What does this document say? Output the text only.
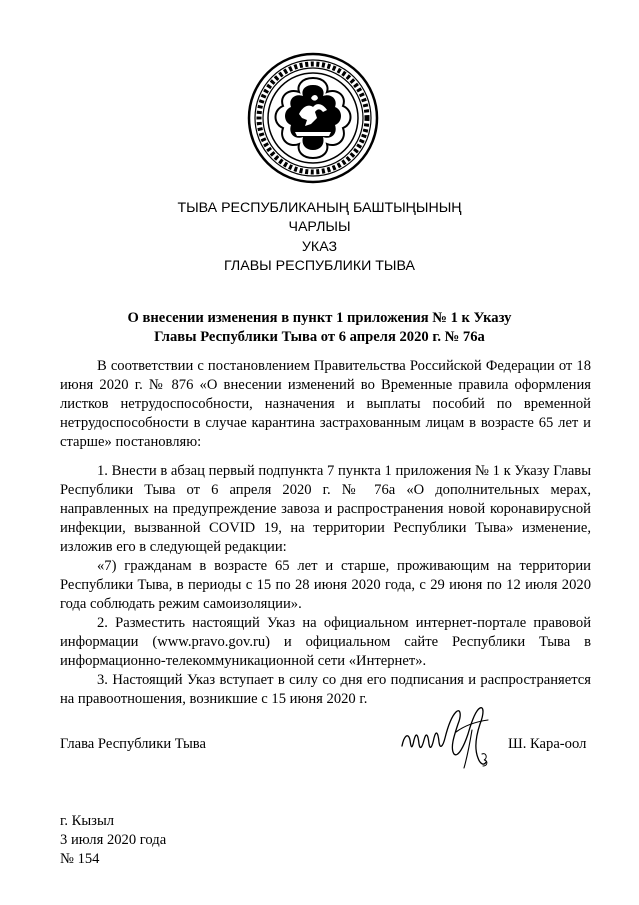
ТЫВА РЕСПУБЛИКАНЫҢ БАШТЫҢЫНЫҢ
ЧАРЛЫЫ
УКАЗ
ГЛАВЫ РЕСПУБЛИКИ ТЫВА
О внесении изменения в пункт 1 приложения № 1 к Указу
Главы Республики Тыва от 6 апреля 2020 г. № 76а

В соответствии с постановлением Правительства Российской Федерации от 18 июня 2020 г. № 876 «О внесении изменений во Временные правила оформления листков нетрудоспособности, назначения и выплаты пособий по временной нетрудоспособности в случае карантина застрахованным лицам в возрасте 65 лет и старше» постановляю:

1. Внести в абзац первый подпункта 7 пункта 1 приложения № 1 к Указу Главы Республики Тыва от 6 апреля 2020 г. № 76а «О дополнительных мерах, направленных на предупреждение завоза и распространения новой коронавирусной инфекции, вызванной COVID 19, на территории Республики Тыва» изменение, изложив его в следующей редакции:

«7) гражданам в возрасте 65 лет и старше, проживающим на территории Республики Тыва, в периоды с 15 по 28 июня 2020 года, с 29 июня по 12 июля 2020 года соблюдать режим самоизоляции».

2. Разместить настоящий Указ на официальном интернет-портале правовой информации (www.pravo.gov.ru) и официальном сайте Республики Тыва в информационно-телекоммуникационной сети «Интернет».

3. Настоящий Указ вступает в силу со дня его подписания и распространяется на правоотношения, возникшие с 15 июня 2020 г.

Глава Республики Тыва	Ш. Кара-оол
г. Кызыл
3 июля 2020 года
№ 154
